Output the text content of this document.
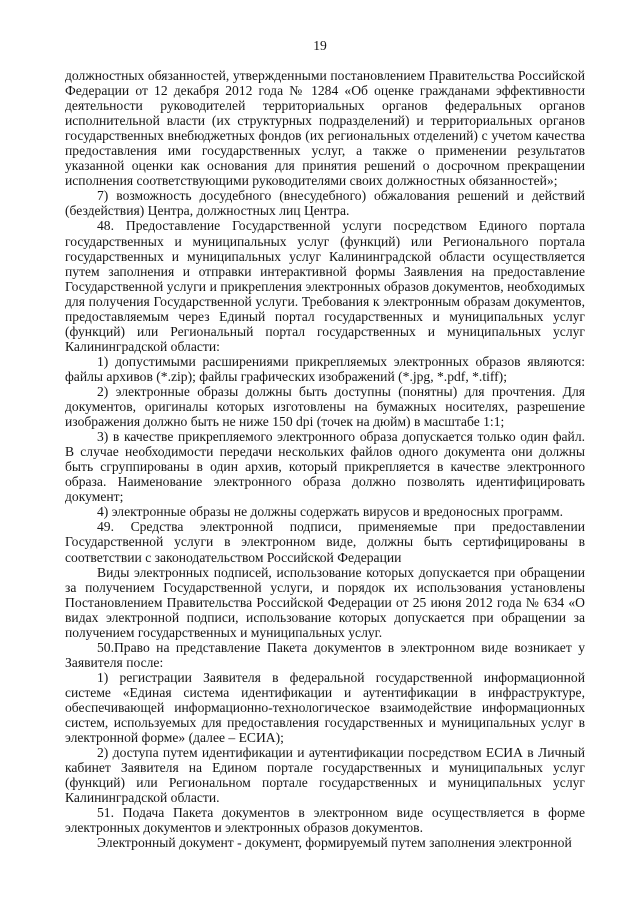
19

должностных обязанностей, утвержденными постановлением Правительства Российской Федерации от 12 декабря 2012 года № 1284 «Об оценке гражданами эффективности деятельности руководителей территориальных органов федеральных органов исполнительной власти (их структурных подразделений) и территориальных органов государственных внебюджетных фондов (их региональных отделений) с учетом качества предоставления ими государственных услуг, а также о применении результатов указанной оценки как основания для принятия решений о досрочном прекращении исполнения соответствующими руководителями своих должностных обязанностей»;

7) возможность досудебного (внесудебного) обжалования решений и действий (бездействия) Центра, должностных лиц Центра.

48. Предоставление Государственной услуги посредством Единого портала государственных и муниципальных услуг (функций) или Регионального портала государственных и муниципальных услуг Калининградской области осуществляется путем заполнения и отправки интерактивной формы Заявления на предоставление Государственной услуги и прикрепления электронных образов документов, необходимых для получения Государственной услуги. Требования к электронным образам документов, предоставляемым через Единый портал государственных и муниципальных услуг (функций) или Региональный портал государственных и муниципальных услуг Калининградской области:

1) допустимыми расширениями прикрепляемых электронных образов являются: файлы архивов (*.zip); файлы графических изображений (*.jpg, *.pdf, *.tiff);

2) электронные образы должны быть доступны (понятны) для прочтения. Для документов, оригиналы которых изготовлены на бумажных носителях, разрешение изображения должно быть не ниже 150 dpi (точек на дюйм) в масштабе 1:1;

3) в качестве прикрепляемого электронного образа допускается только один файл. В случае необходимости передачи нескольких файлов одного документа они должны быть сгруппированы в один архив, который прикрепляется в качестве электронного образа. Наименование электронного образа должно позволять идентифицировать документ;

4) электронные образы не должны содержать вирусов и вредоносных программ.

49. Средства электронной подписи, применяемые при предоставлении Государственной услуги в электронном виде, должны быть сертифицированы в соответствии с законодательством Российской Федерации

Виды электронных подписей, использование которых допускается при обращении за получением Государственной услуги, и порядок их использования установлены Постановлением Правительства Российской Федерации от 25 июня 2012 года № 634 «О видах электронной подписи, использование которых допускается при обращении за получением государственных и муниципальных услуг.

50.Право на представление Пакета документов в электронном виде возникает у Заявителя после:

1) регистрации Заявителя в федеральной государственной информационной системе «Единая система идентификации и аутентификации в инфраструктуре, обеспечивающей информационно-технологическое взаимодействие информационных систем, используемых для предоставления государственных и муниципальных услуг в электронной форме» (далее – ЕСИА);

2) доступа путем идентификации и аутентификации посредством ЕСИА в Личный кабинет Заявителя на Едином портале государственных и муниципальных услуг (функций) или Региональном портале государственных и муниципальных услуг Калининградской области.

51. Подача Пакета документов в электронном виде осуществляется в форме электронных документов и электронных образов документов.

Электронный документ - документ, формируемый путем заполнения электронной
